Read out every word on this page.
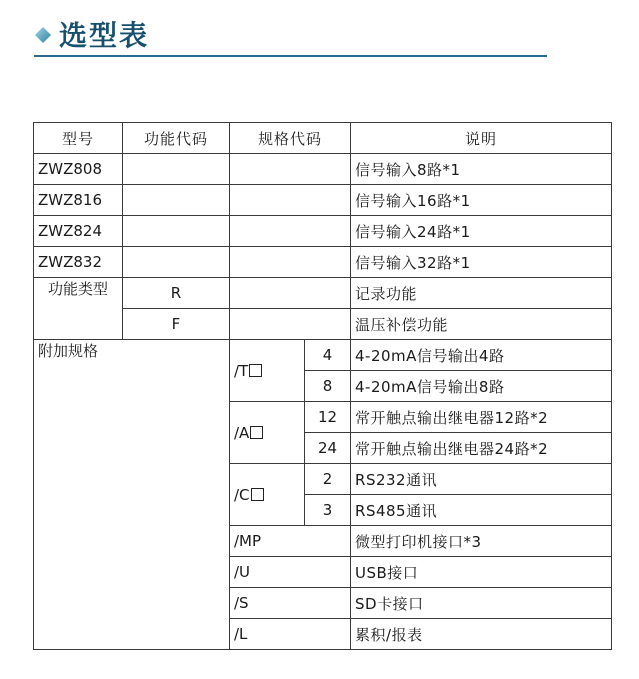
选型表
型号	功能代码	规格代码		说明
ZWZ808				信号输入8路*1
ZWZ816				信号输入16路*1
ZWZ824				信号输入24路*1
ZWZ832				信号输入32路*1
功能类型	R			记录功能
	F			温压补偿功能
附加规格		/T	4	4-20mA信号输出4路
			8	4-20mA信号输出8路
		/A	12	常开触点输出继电器12路*2
			24	常开触点输出继电器24路*2
		/C	2	RS232通讯
			3	RS485通讯
		/MP		微型打印机接口*3
		/U		USB接口
		/S		SD卡接口
		/L		累积/报表
